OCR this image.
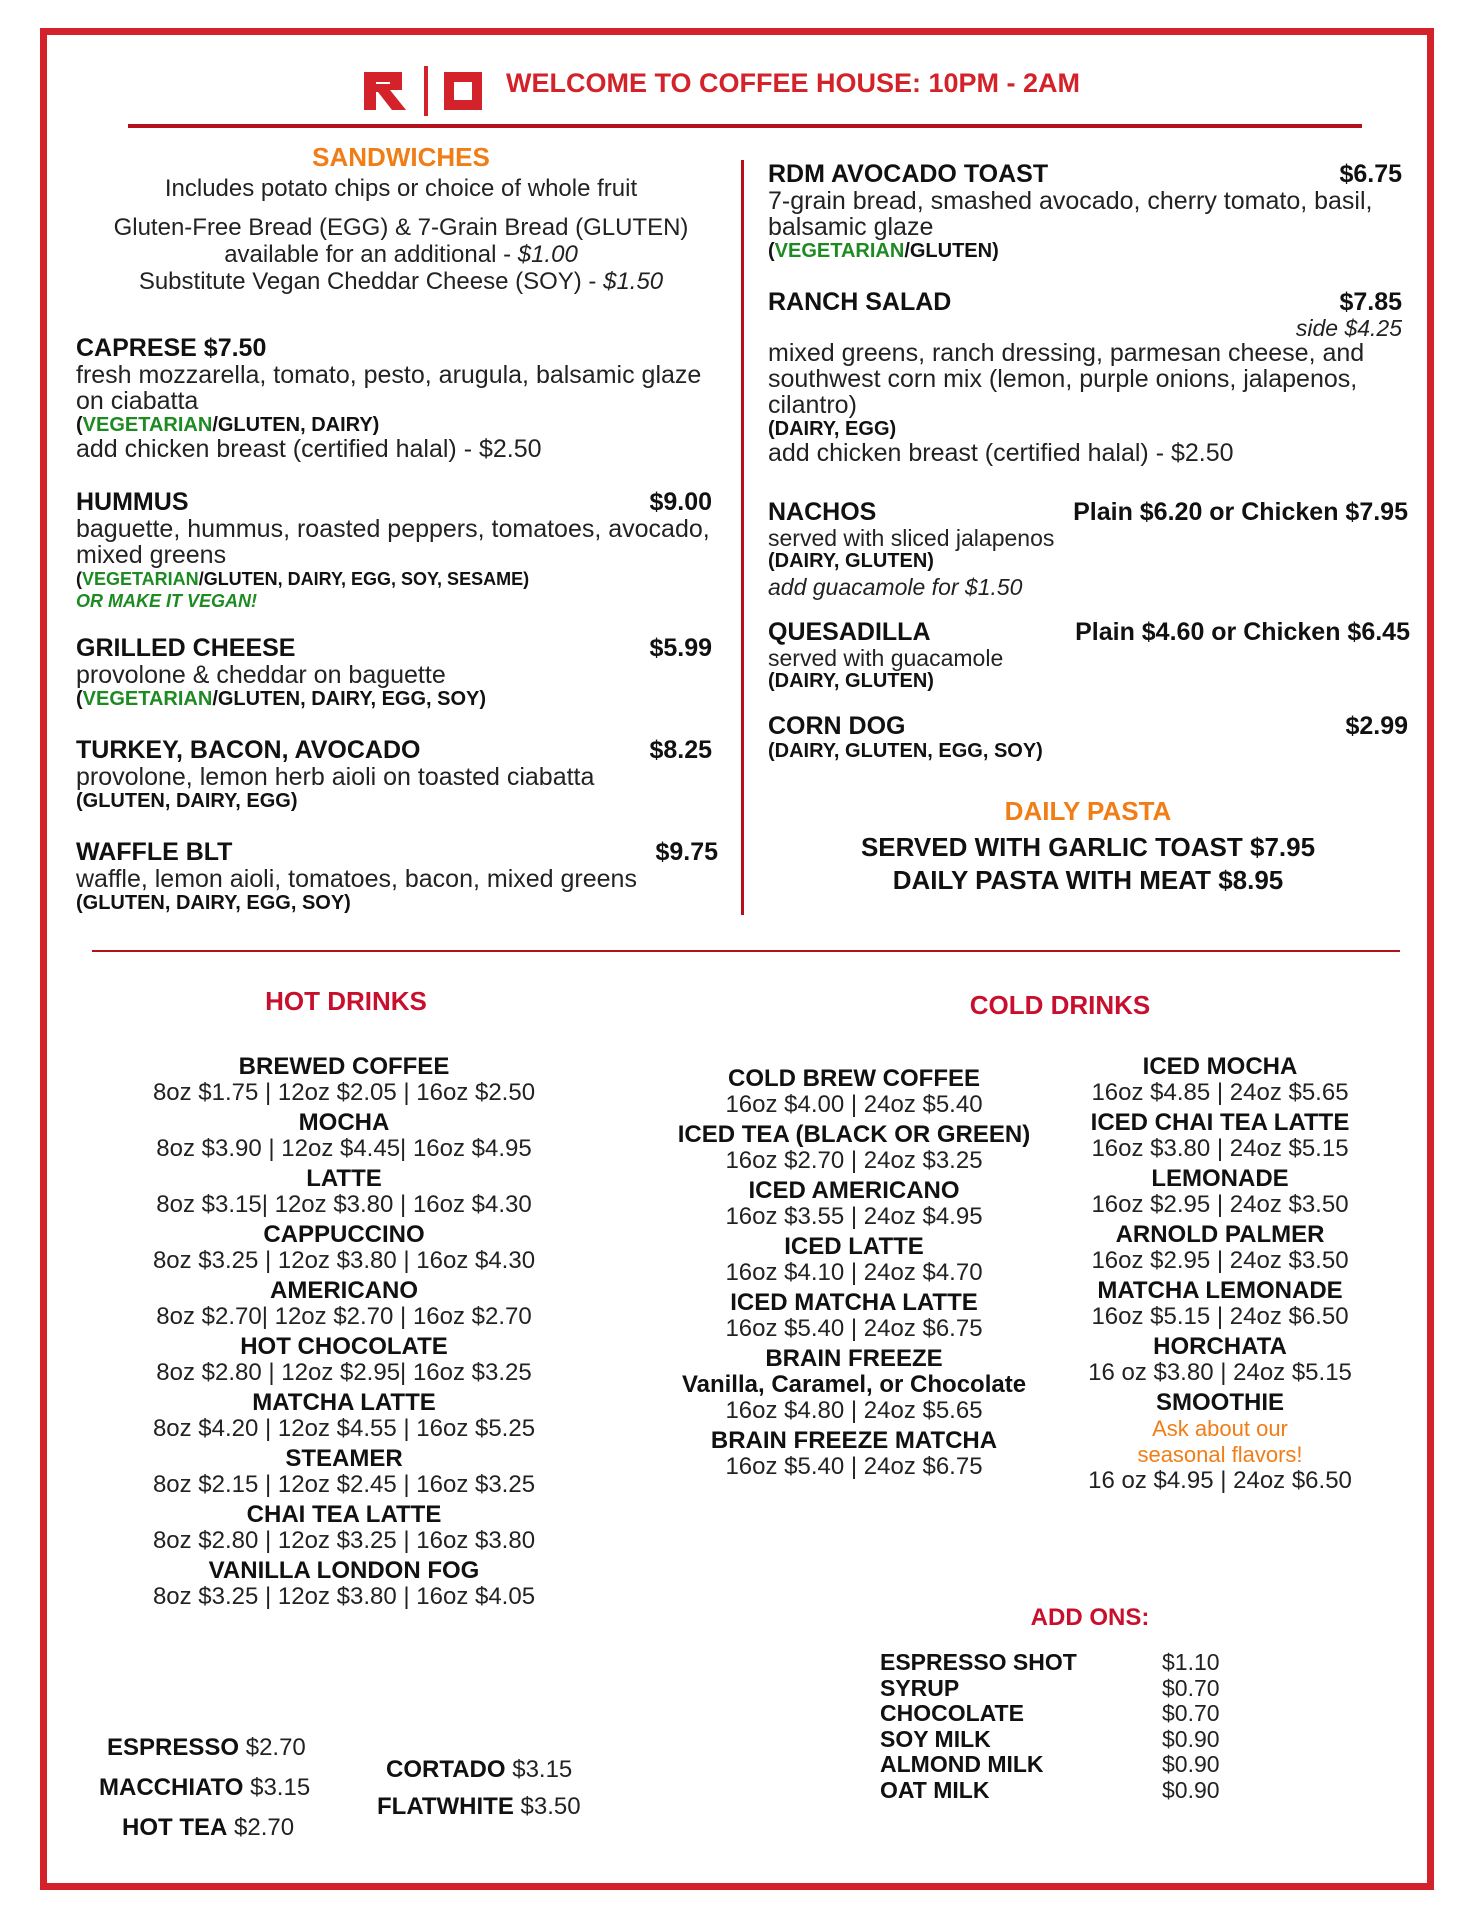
WELCOME TO COFFEE HOUSE: 10PM - 2AM
SANDWICHES
Includes potato chips or choice of whole fruit
Gluten-Free Bread (EGG) & 7-Grain Bread (GLUTEN)
available for an additional - $1.00
Substitute Vegan Cheddar Cheese (SOY) - $1.50
CAPRESE $7.50
fresh mozzarella, tomato, pesto, arugula, balsamic glaze on ciabatta
(VEGETARIAN/GLUTEN, DAIRY)
add chicken breast (certified halal) - $2.50
HUMMUS	$9.00
baguette, hummus, roasted peppers, tomatoes, avocado, mixed greens
(VEGETARIAN/GLUTEN, DAIRY, EGG, SOY, SESAME)
OR MAKE IT VEGAN!
GRILLED CHEESE	$5.99
provolone & cheddar on baguette
(VEGETARIAN/GLUTEN, DAIRY, EGG, SOY)
TURKEY, BACON, AVOCADO	$8.25
provolone, lemon herb aioli on toasted ciabatta
(GLUTEN, DAIRY, EGG)
WAFFLE BLT	$9.75
waffle, lemon aioli, tomatoes, bacon, mixed greens
(GLUTEN, DAIRY, EGG, SOY)
RDM AVOCADO TOAST	$6.75
7-grain bread, smashed avocado, cherry tomato, basil, balsamic glaze
(VEGETARIAN/GLUTEN)
RANCH SALAD	$7.85
side $4.25
mixed greens, ranch dressing, parmesan cheese, and southwest corn mix (lemon, purple onions, jalapenos, cilantro)
(DAIRY, EGG)
add chicken breast (certified halal) - $2.50
NACHOS	Plain $6.20 or Chicken $7.95
served with sliced jalapenos
(DAIRY, GLUTEN)
add guacamole for $1.50
QUESADILLA	Plain $4.60 or Chicken $6.45
served with guacamole
(DAIRY, GLUTEN)
CORN DOG	$2.99
(DAIRY, GLUTEN, EGG, SOY)
DAILY PASTA
SERVED WITH GARLIC TOAST $7.95
DAILY PASTA WITH MEAT $8.95
HOT DRINKS
BREWED COFFEE
8oz $1.75 | 12oz $2.05 | 16oz $2.50
MOCHA
8oz $3.90 | 12oz $4.45| 16oz $4.95
LATTE
8oz $3.15| 12oz $3.80 | 16oz $4.30
CAPPUCCINO
8oz $3.25 | 12oz $3.80 | 16oz $4.30
AMERICANO
8oz $2.70| 12oz $2.70 | 16oz $2.70
HOT CHOCOLATE
8oz $2.80 | 12oz $2.95| 16oz $3.25
MATCHA LATTE
8oz $4.20 | 12oz $4.55 | 16oz $5.25
STEAMER
8oz $2.15 | 12oz $2.45 | 16oz $3.25
CHAI TEA LATTE
8oz $2.80 | 12oz $3.25 | 16oz $3.80
VANILLA LONDON FOG
8oz $3.25 | 12oz $3.80 | 16oz $4.05
ESPRESSO $2.70
MACCHIATO $3.15
HOT TEA $2.70
CORTADO $3.15
FLATWHITE $3.50
COLD DRINKS
COLD BREW COFFEE
16oz $4.00 | 24oz $5.40
ICED TEA (BLACK OR GREEN)
16oz $2.70 | 24oz $3.25
ICED AMERICANO
16oz $3.55 | 24oz $4.95
ICED LATTE
16oz $4.10 | 24oz $4.70
ICED MATCHA LATTE
16oz $5.40 | 24oz $6.75
BRAIN FREEZE
Vanilla, Caramel, or Chocolate
16oz $4.80 | 24oz $5.65
BRAIN FREEZE MATCHA
16oz $5.40 | 24oz $6.75
ICED MOCHA
16oz $4.85 | 24oz $5.65
ICED CHAI TEA LATTE
16oz $3.80 | 24oz $5.15
LEMONADE
16oz $2.95 | 24oz $3.50
ARNOLD PALMER
16oz $2.95 | 24oz $3.50
MATCHA LEMONADE
16oz $5.15 | 24oz $6.50
HORCHATA
16 oz $3.80 | 24oz $5.15
SMOOTHIE
Ask about our
seasonal flavors!
16 oz $4.95 | 24oz $6.50
ADD ONS:
ESPRESSO SHOT	$1.10
SYRUP	$0.70
CHOCOLATE	$0.70
SOY MILK	$0.90
ALMOND MILK	$0.90
OAT MILK	$0.90
